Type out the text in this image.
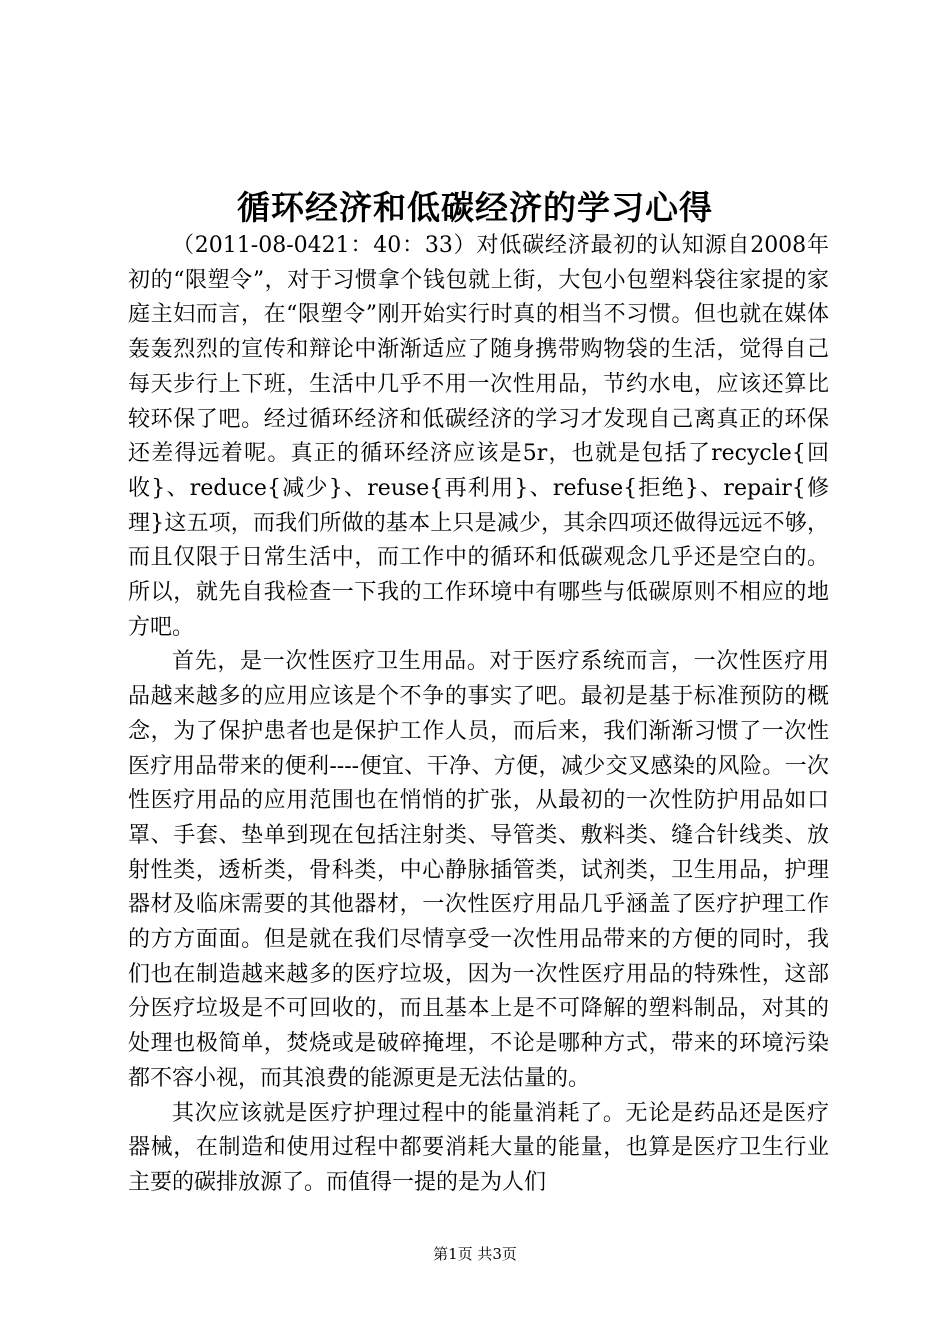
循环经济和低碳经济的学习心得

（2011-08-0421：40：33）对低碳经济最初的认知源自2008年初的“限塑令”，对于习惯拿个钱包就上街，大包小包塑料袋往家提的家庭主妇而言，在“限塑令”刚开始实行时真的相当不习惯。但也就在媒体轰轰烈烈的宣传和辩论中渐渐适应了随身携带购物袋的生活，觉得自己每天步行上下班，生活中几乎不用一次性用品，节约水电，应该还算比较环保了吧。经过循环经济和低碳经济的学习才发现自己离真正的环保还差得远着呢。真正的循环经济应该是5r，也就是包括了recycle{回收}、reduce{减少}、reuse{再利用}、refuse{拒绝}、repair{修理}这五项，而我们所做的基本上只是减少，其余四项还做得远远不够，而且仅限于日常生活中，而工作中的循环和低碳观念几乎还是空白的。所以，就先自我检查一下我的工作环境中有哪些与低碳原则不相应的地方吧。

首先，是一次性医疗卫生用品。对于医疗系统而言，一次性医疗用品越来越多的应用应该是个不争的事实了吧。最初是基于标准预防的概念，为了保护患者也是保护工作人员，而后来，我们渐渐习惯了一次性医疗用品带来的便利----便宜、干净、方便，减少交叉感染的风险。一次性医疗用品的应用范围也在悄悄的扩张，从最初的一次性防护用品如口罩、手套、垫单到现在包括注射类、导管类、敷料类、缝合针线类、放射性类，透析类，骨科类，中心静脉插管类，试剂类，卫生用品，护理器材及临床需要的其他器材，一次性医疗用品几乎涵盖了医疗护理工作的方方面面。但是就在我们尽情享受一次性用品带来的方便的同时，我们也在制造越来越多的医疗垃圾，因为一次性医疗用品的特殊性，这部分医疗垃圾是不可回收的，而且基本上是不可降解的塑料制品，对其的处理也极简单，焚烧或是破碎掩埋，不论是哪种方式，带来的环境污染都不容小视，而其浪费的能源更是无法估量的。

其次应该就是医疗护理过程中的能量消耗了。无论是药品还是医疗器械，在制造和使用过程中都要消耗大量的能量，也算是医疗卫生行业主要的碳排放源了。而值得一提的是为人们

第1页 共3页
